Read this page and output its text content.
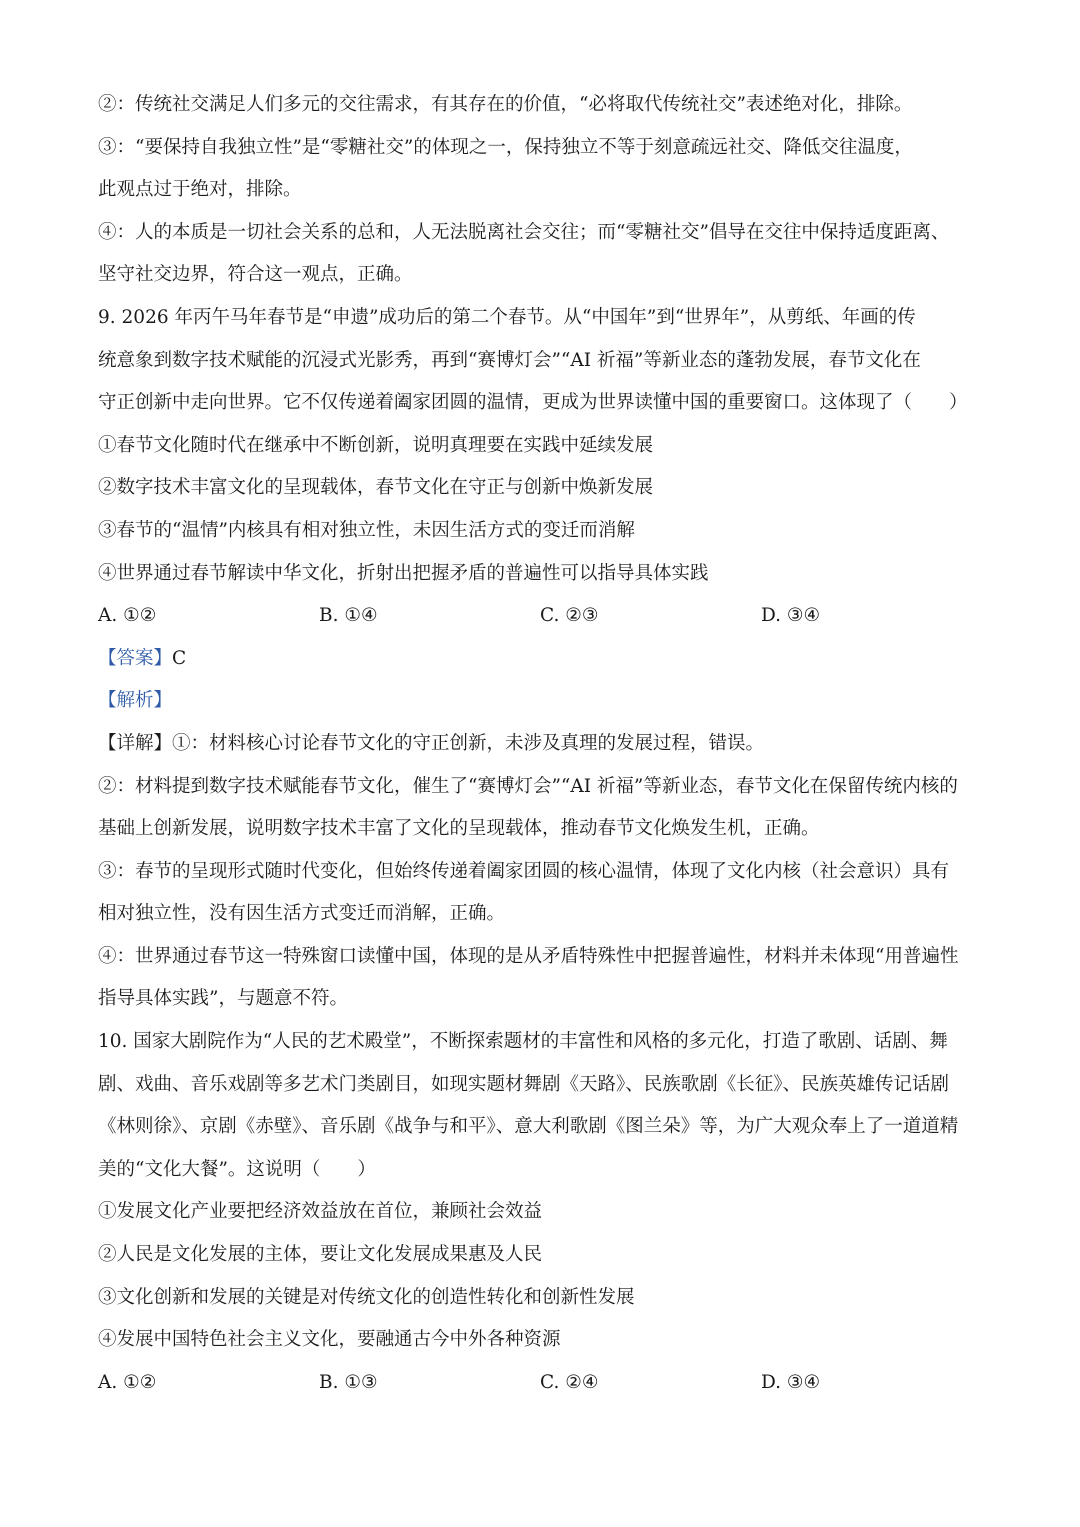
②：传统社交满足人们多元的交往需求，有其存在的价值，“必将取代传统社交”表述绝对化，排除。
③：“要保持自我独立性”是“零糖社交”的体现之一，保持独立不等于刻意疏远社交、降低交往温度，
此观点过于绝对，排除。
④：人的本质是一切社会关系的总和，人无法脱离社会交往；而“零糖社交”倡导在交往中保持适度距离、
坚守社交边界，符合这一观点，正确。
9. 2026 年丙午马年春节是“申遗”成功后的第二个春节。从“中国年”到“世界年”，从剪纸、年画的传
统意象到数字技术赋能的沉浸式光影秀，再到“赛博灯会”“AI 祈福”等新业态的蓬勃发展，春节文化在
守正创新中走向世界。它不仅传递着阖家团圆的温情，更成为世界读懂中国的重要窗口。这体现了（　　）
①春节文化随时代在继承中不断创新，说明真理要在实践中延续发展
②数字技术丰富文化的呈现载体，春节文化在守正与创新中焕新发展
③春节的“温情”内核具有相对独立性，未因生活方式的变迁而消解
④世界通过春节解读中华文化，折射出把握矛盾的普遍性可以指导具体实践
A. ①②	B. ①④	C. ②③	D. ③④
【答案】C
【解析】
【详解】①：材料核心讨论春节文化的守正创新，未涉及真理的发展过程，错误。
②：材料提到数字技术赋能春节文化，催生了“赛博灯会”“AI 祈福”等新业态，春节文化在保留传统内核的
基础上创新发展，说明数字技术丰富了文化的呈现载体，推动春节文化焕发生机，正确。
③：春节的呈现形式随时代变化，但始终传递着阖家团圆的核心温情，体现了文化内核（社会意识）具有
相对独立性，没有因生活方式变迁而消解，正确。
④：世界通过春节这一特殊窗口读懂中国，体现的是从矛盾特殊性中把握普遍性，材料并未体现“用普遍性
指导具体实践”，与题意不符。
10. 国家大剧院作为“人民的艺术殿堂”，不断探索题材的丰富性和风格的多元化，打造了歌剧、话剧、舞
剧、戏曲、音乐戏剧等多艺术门类剧目，如现实题材舞剧《天路》、民族歌剧《长征》、民族英雄传记话剧
《林则徐》、京剧《赤壁》、音乐剧《战争与和平》、意大利歌剧《图兰朵》等，为广大观众奉上了一道道精
美的“文化大餐”。这说明（　　）
①发展文化产业要把经济效益放在首位，兼顾社会效益
②人民是文化发展的主体，要让文化发展成果惠及人民
③文化创新和发展的关键是对传统文化的创造性转化和创新性发展
④发展中国特色社会主义文化，要融通古今中外各种资源
A. ①②	B. ①③	C. ②④	D. ③④
